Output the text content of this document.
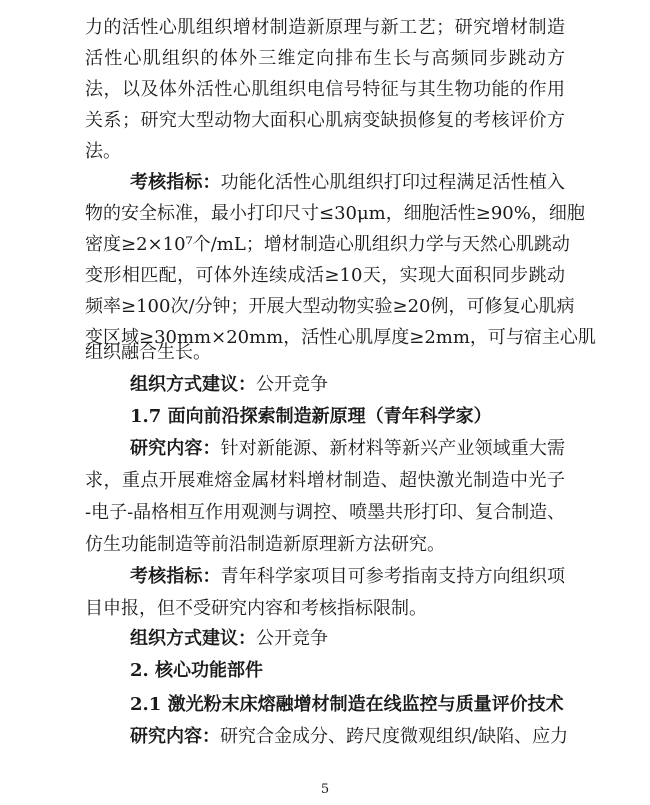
力的活性心肌组织增材制造新原理与新工艺；研究增材制造
活性心肌组织的体外三维定向排布生长与高频同步跳动方
法，以及体外活性心肌组织电信号特征与其生物功能的作用
关系；研究大型动物大面积心肌病变缺损修复的考核评价方
法。
考核指标：功能化活性心肌组织打印过程满足活性植入
物的安全标准，最小打印尺寸≤30μm，细胞活性≥90%，细胞
密度≥2×10⁷个/mL；增材制造心肌组织力学与天然心肌跳动
变形相匹配，可体外连续成活≥10天，实现大面积同步跳动
频率≥100次/分钟；开展大型动物实验≥20例，可修复心肌病
变区域≥30mm×20mm，活性心肌厚度≥2mm，可与宿主心肌
组织融合生长。
组织方式建议：公开竞争
1.7 面向前沿探索制造新原理（青年科学家）
研究内容：针对新能源、新材料等新兴产业领域重大需
求，重点开展难熔金属材料增材制造、超快激光制造中光子
-电子-晶格相互作用观测与调控、喷墨共形打印、复合制造、
仿生功能制造等前沿制造新原理新方法研究。
考核指标：青年科学家项目可参考指南支持方向组织项
目申报，但不受研究内容和考核指标限制。
组织方式建议：公开竞争
2. 核心功能部件
2.1 激光粉末床熔融增材制造在线监控与质量评价技术
研究内容：研究合金成分、跨尺度微观组织/缺陷、应力
5
